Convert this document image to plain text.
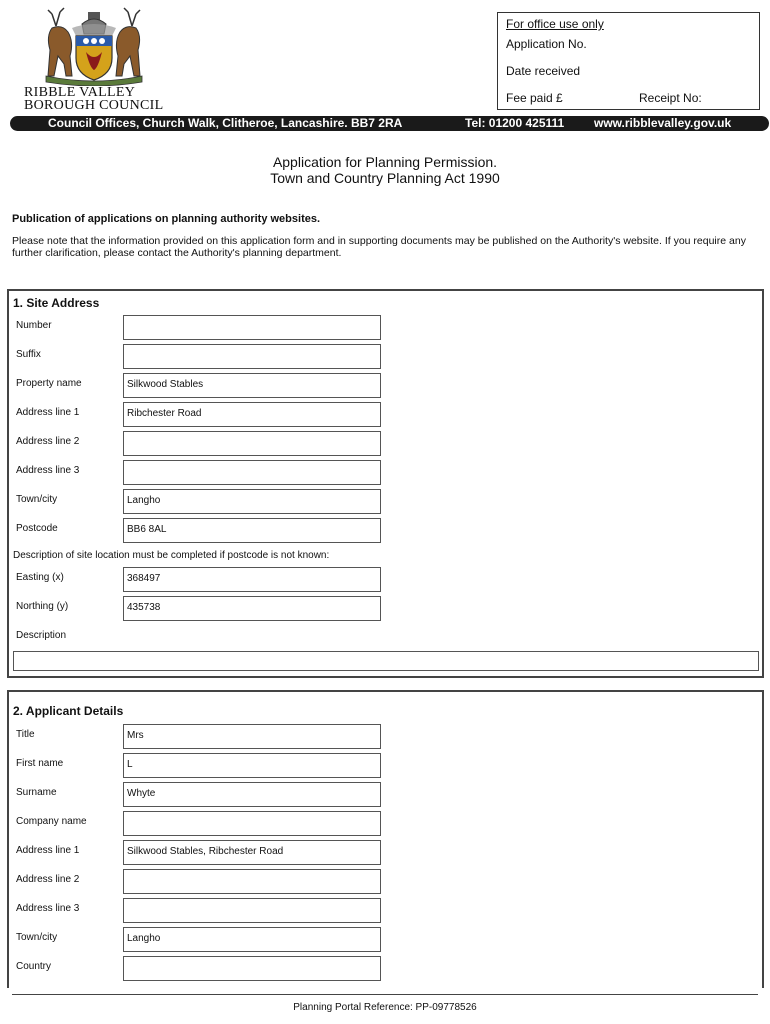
RIBBLE VALLEY
BOROUGH COUNCIL
For office use only
Application No.
Date received
Fee paid £	Receipt No:
Council Offices, Church Walk, Clitheroe, Lancashire. BB7 2RA	Tel: 01200 425111 www.ribblevalley.gov.uk
Application for Planning Permission.
Town and Country Planning Act 1990
Publication of applications on planning authority websites.
Please note that the information provided on this application form and in supporting documents may be published on the Authority's website. If you require any further clarification, please contact the Authority's planning department.
1. Site Address
Number
Suffix
Property name	Silkwood Stables
Address line 1	Ribchester Road
Address line 2
Address line 3
Town/city	Langho
Postcode	BB6 8AL
Description of site location must be completed if postcode is not known:
Easting (x)	368497
Northing (y)	435738
Description
2. Applicant Details
Title	Mrs
First name	L
Surname	Whyte
Company name
Address line 1	Silkwood Stables, Ribchester Road
Address line 2
Address line 3
Town/city	Langho
Country
Planning Portal Reference: PP-09778526
